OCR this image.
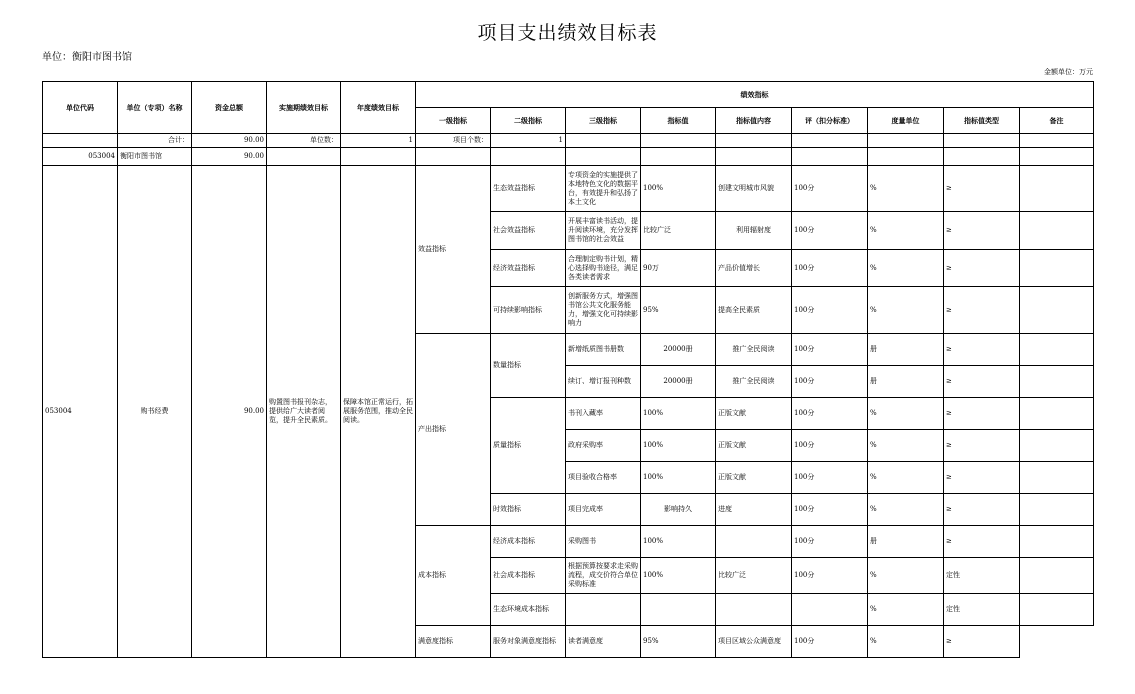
项目支出绩效目标表
单位：衡阳市图书馆
金额单位：万元
单位代码	单位（专项）名称	资金总额	实施期绩效目标	年度绩效目标	绩效指标								
					一级指标	二级指标	三级指标	指标值	指标值内容	评（扣分标准）	度量单位	指标值类型	备注
	合计：	90.00	单位数：	1	项目个数：	1							
053004	衡阳市图书馆	90.00											
053004	购书经费	90.00	购置图书报刊杂志，提供给广大读者阅览，提升全民素质。	保障本馆正常运行，拓展服务范围，推动全民阅读。	效益指标	生态效益指标	专项资金的实施提供了本地特色文化的数据平台，有效提升和弘扬了本土文化	100%	创建文明城市风貌	100分	%	≥	
						社会效益指标	开展丰富读书活动，提升阅读环境，充分发挥图书馆的社会效益	比较广泛	利用辐射度	100分	%	≥	
						经济效益指标	合理制定购书计划，精心选择购书途径，满足各类读者需求	90万	产品价值增长	100分	%	≥	
						可持续影响指标	创新服务方式，增强图书馆公共文化服务能力，增强文化可持续影响力	95%	提高全民素质	100分	%	≥	
					产出指标	数量指标	新增纸质图书册数	20000册	推广全民阅读	100分	册	≥	
							续订、增订报刊种数	20000册	推广全民阅读	100分	册	≥	
						质量指标	书刊入藏率	100%	正版文献	100分	%	≥	
							政府采购率	100%	正版文献	100分	%	≥	
							项目验收合格率	100%	正版文献	100分	%	≥	
						时效指标	项目完成率	影响持久	进度	100分	%	≥	
					成本指标	经济成本指标	采购图书	100%		100分	册	≥	
						社会成本指标	根据预算按要求走采购流程，成交价符合单位采购标准	100%	比较广泛	100分	%	定性	
						生态环境成本指标					%	定性	
					满意度指标	服务对象满意度指标	读者满意度	95%	项目区域公众满意度	100分	%	≥	
